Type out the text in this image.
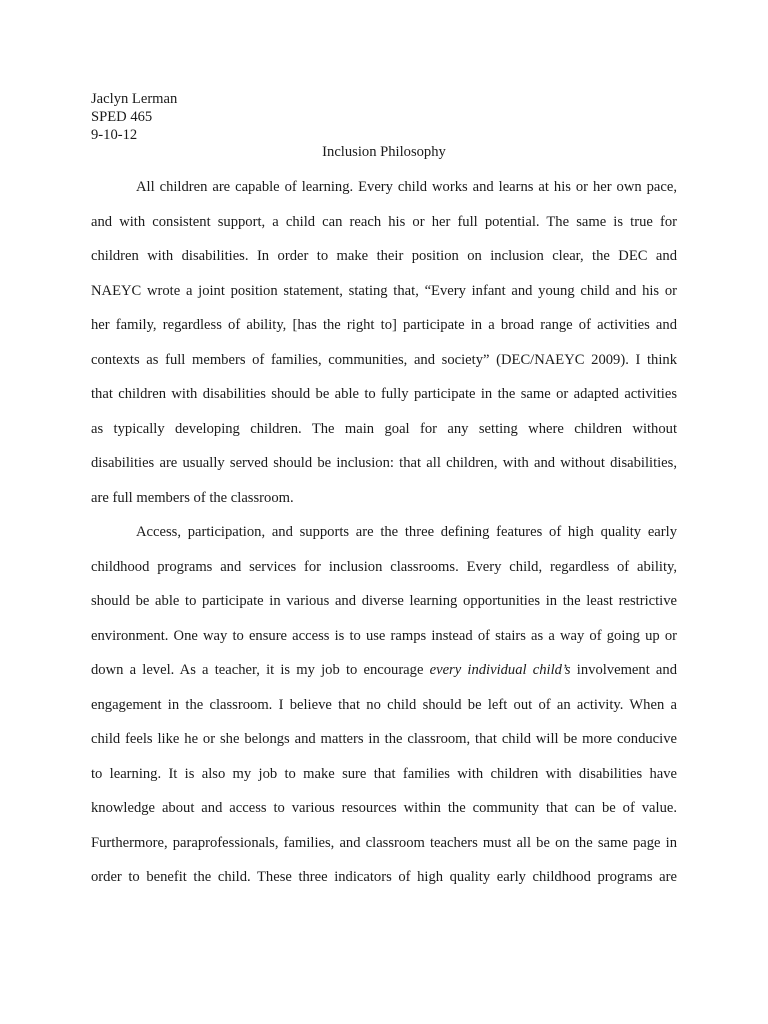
Jaclyn Lerman
SPED 465
9-10-12
Inclusion Philosophy
All children are capable of learning. Every child works and learns at his or her own pace,
and with consistent support, a child can reach his or her full potential. The same is true for
children with disabilities. In order to make their position on inclusion clear, the DEC and
NAEYC wrote a joint position statement, stating that, “Every infant and young child and his or
her family, regardless of ability, [has the right to] participate in a broad range of activities and
contexts as full members of families, communities, and society” (DEC/NAEYC 2009). I think
that children with disabilities should be able to fully participate in the same or adapted activities
as typically developing children. The main goal for any setting where children without
disabilities are usually served should be inclusion: that all children, with and without disabilities,
are full members of the classroom.
Access, participation, and supports are the three defining features of high quality early
childhood programs and services for inclusion classrooms. Every child, regardless of ability,
should be able to participate in various and diverse learning opportunities in the least restrictive
environment. One way to ensure access is to use ramps instead of stairs as a way of going up or
down a level. As a teacher, it is my job to encourage every individual child’s involvement and
engagement in the classroom. I believe that no child should be left out of an activity. When a
child feels like he or she belongs and matters in the classroom, that child will be more conducive
to learning. It is also my job to make sure that families with children with disabilities have
knowledge about and access to various resources within the community that can be of value.
Furthermore, paraprofessionals, families, and classroom teachers must all be on the same page in
order to benefit the child. These three indicators of high quality early childhood programs are
